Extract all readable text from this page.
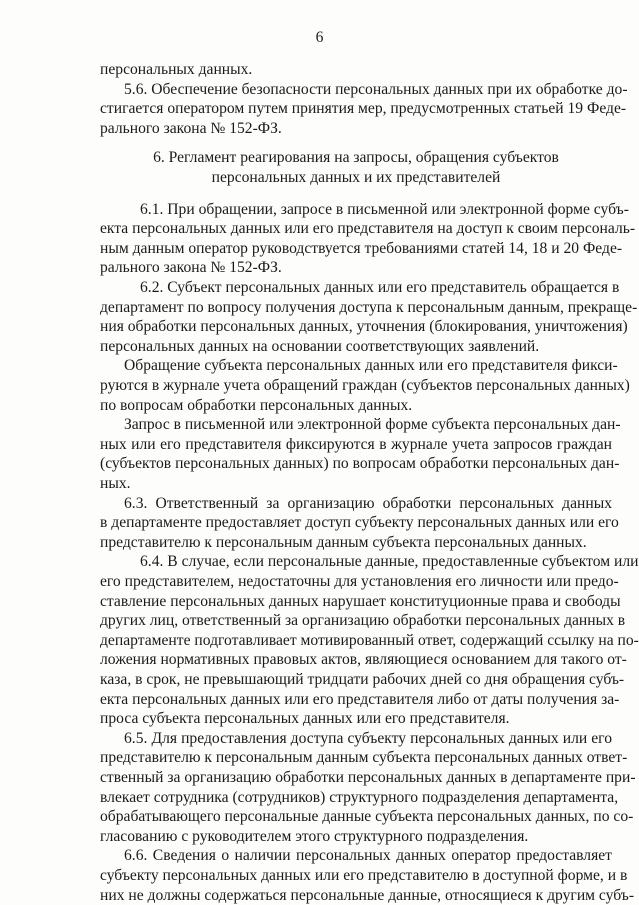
6
персональных данных.
5.6. Обеспечение безопасности персональных данных при их обработке до-
стигается оператором путем принятия мер, предусмотренных статьей 19 Феде-
рального закона № 152-ФЗ.
6. Регламент реагирования на запросы, обращения субъектов
персональных данных и их представителей
6.1. При обращении, запросе в письменной или электронной форме субъ-
екта персональных данных или его представителя на доступ к своим персональ-
ным данным оператор руководствуется требованиями статей 14, 18 и 20 Феде-
рального закона № 152-ФЗ.
6.2. Субъект персональных данных или его представитель обращается в
департамент по вопросу получения доступа к персональным данным, прекраще-
ния обработки персональных данных, уточнения (блокирования, уничтожения)
персональных данных на основании соответствующих заявлений.
Обращение субъекта персональных данных или его представителя фикси-
руются в журнале учета обращений граждан (субъектов персональных данных)
по вопросам обработки персональных данных.
Запрос в письменной или электронной форме субъекта персональных дан-
ных или его представителя фиксируются в журнале учета запросов граждан
(субъектов персональных данных) по вопросам обработки персональных дан-
ных.
6.3. Ответственный за организацию обработки персональных данных
в департаменте предоставляет доступ субъекту персональных данных или его
представителю к персональным данным субъекта персональных данных.
6.4. В случае, если персональные данные, предоставленные субъектом или
его представителем, недостаточны для установления его личности или предо-
ставление персональных данных нарушает конституционные права и свободы
других лиц, ответственный за организацию обработки персональных данных в
департаменте подготавливает мотивированный ответ, содержащий ссылку на по-
ложения нормативных правовых актов, являющиеся основанием для такого от-
каза, в срок, не превышающий тридцати рабочих дней со дня обращения субъ-
екта персональных данных или его представителя либо от даты получения за-
проса субъекта персональных данных или его представителя.
6.5. Для предоставления доступа субъекту персональных данных или его
представителю к персональным данным субъекта персональных данных ответ-
ственный за организацию обработки персональных данных в департаменте при-
влекает сотрудника (сотрудников) структурного подразделения департамента,
обрабатывающего персональные данные субъекта персональных данных, по со-
гласованию с руководителем этого структурного подразделения.
6.6. Сведения о наличии персональных данных оператор предоставляет
субъекту персональных данных или его представителю в доступной форме, и в
них не должны содержаться персональные данные, относящиеся к другим субъ-
